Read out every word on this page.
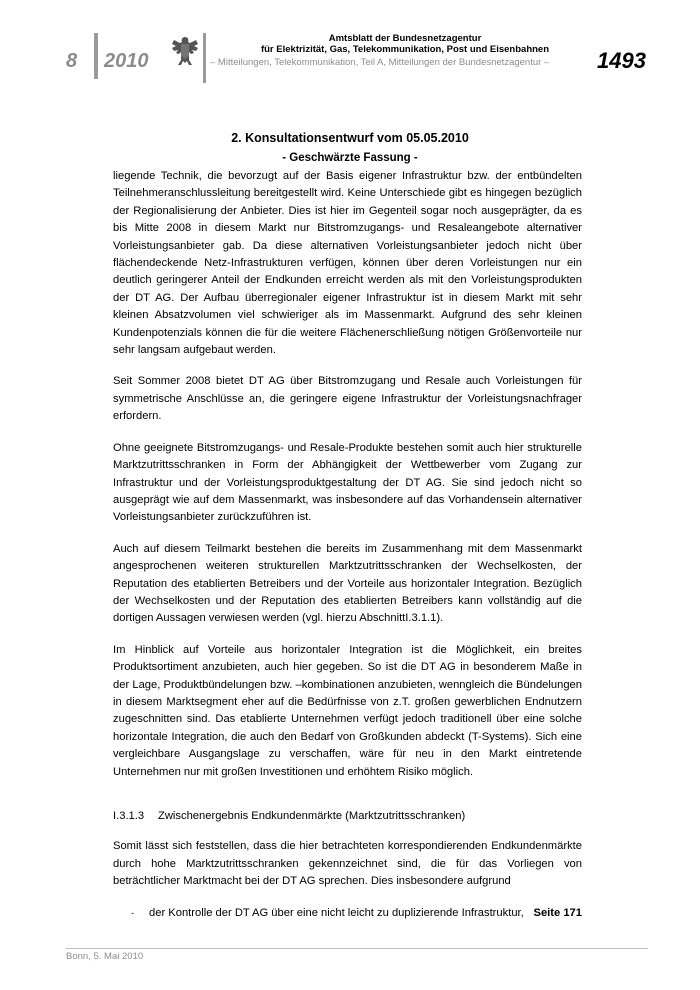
8 2010
Amtsblatt der Bundesnetzagentur
für Elektrizität, Gas, Telekommunikation, Post und Eisenbahnen
– Mitteilungen, Telekommunikation, Teil A, Mitteilungen der Bundesnetzagentur – 1493
2. Konsultationsentwurf vom 05.05.2010
- Geschwärzte Fassung -

liegende Technik, die bevorzugt auf der Basis eigener Infrastruktur bzw. der entbündelten Teilnehmeranschlussleitung bereitgestellt wird. Keine Unterschiede gibt es hingegen bezüglich der Regionalisierung der Anbieter. Dies ist hier im Gegenteil sogar noch ausgeprägter, da es bis Mitte 2008 in diesem Markt nur Bitstromzugangs- und Resaleangebote alternativer Vorleistungsanbieter gab. Da diese alternativen Vorleistungsanbieter jedoch nicht über flächendeckende Netz-Infrastrukturen verfügen, können über deren Vorleistungen nur ein deutlich geringerer Anteil der Endkunden erreicht werden als mit den Vorleistungsprodukten der DT AG. Der Aufbau überregionaler eigener Infrastruktur ist in diesem Markt mit sehr kleinen Absatzvolumen viel schwieriger als im Massenmarkt. Aufgrund des sehr kleinen Kundenpotenzials können die für die weitere Flächenerschließung nötigen Größenvorteile nur sehr langsam aufgebaut werden.

Seit Sommer 2008 bietet DT AG über Bitstromzugang und Resale auch Vorleistungen für symmetrische Anschlüsse an, die geringere eigene Infrastruktur der Vorleistungsnachfrager erfordern.

Ohne geeignete Bitstromzugangs- und Resale-Produkte bestehen somit auch hier strukturelle Marktzutrittsschranken in Form der Abhängigkeit der Wettbewerber vom Zugang zur Infrastruktur und der Vorleistungsproduktgestaltung der DT AG. Sie sind jedoch nicht so ausgeprägt wie auf dem Massenmarkt, was insbesondere auf das Vorhandensein alternativer Vorleistungsanbieter zurückzuführen ist.

Auch auf diesem Teilmarkt bestehen die bereits im Zusammenhang mit dem Massenmarkt angesprochenen weiteren strukturellen Marktzutrittsschranken der Wechselkosten, der Reputation des etablierten Betreibers und der Vorteile aus horizontaler Integration. Bezüglich der Wechselkosten und der Reputation des etablierten Betreibers kann vollständig auf die dortigen Aussagen verwiesen werden (vgl. hierzu AbschnittI.3.1.1).

Im Hinblick auf Vorteile aus horizontaler Integration ist die Möglichkeit, ein breites Produktsortiment anzubieten, auch hier gegeben. So ist die DT AG in besonderem Maße in der Lage, Produktbündelungen bzw. –kombinationen anzubieten, wenngleich die Bündelungen in diesem Marktsegment eher auf die Bedürfnisse von z.T. großen gewerblichen Endnutzern zugeschnitten sind. Das etablierte Unternehmen verfügt jedoch traditionell über eine solche horizontale Integration, die auch den Bedarf von Großkunden abdeckt (T-Systems). Sich eine vergleichbare Ausgangslage zu verschaffen, wäre für neu in den Markt eintretende Unternehmen nur mit großen Investitionen und erhöhtem Risiko möglich.

I.3.1.3 Zwischenergebnis Endkundenmärkte (Marktzutrittsschranken)

Somit lässt sich feststellen, dass die hier betrachteten korrespondierenden Endkundenmärkte durch hohe Marktzutrittsschranken gekennzeichnet sind, die für das Vorliegen von beträchtlicher Marktmacht bei der DT AG sprechen. Dies insbesondere aufgrund

- der Kontrolle der DT AG über eine nicht leicht zu duplizierende Infrastruktur, Seite 171
Bonn, 5. Mai 2010
